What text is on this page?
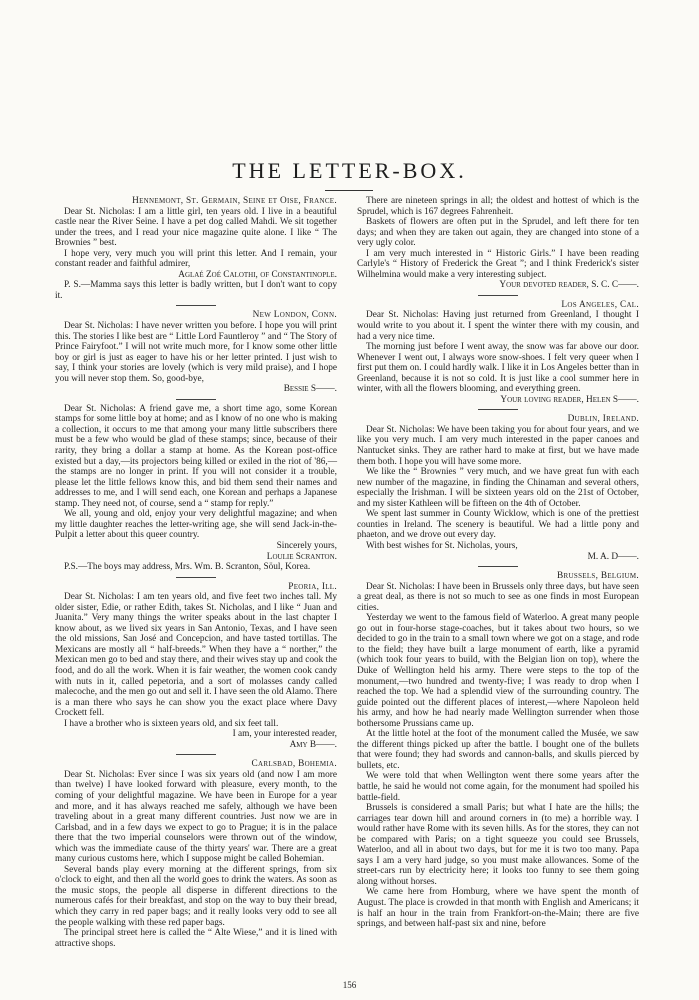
THE LETTER-BOX.
Hennemont, St. Germain, Seine et Oise, France.

Dear St. Nicholas: I am a little girl, ten years old. I live in a beautiful castle near the River Seine. I have a pet dog called Mahdi. We sit together under the trees, and I read your nice magazine quite alone. I like “ The Brownies ” best.

I hope very, very much you will print this letter. And I remain, your constant reader and faithful admirer,

Aglaé Zoé Calothi, of Constantinople.

P. S.—Mamma says this letter is badly written, but I don't want to copy it.

New London, Conn.

Dear St. Nicholas: I have never written you before. I hope you will print this. The stories I like best are “ Little Lord Fauntleroy ” and “ The Story of Prince Fairyfoot.” I will not write much more, for I know some other little boy or girl is just as eager to have his or her letter printed. I just wish to say, I think your stories are lovely (which is very mild praise), and I hope you will never stop them. So, good-bye,

Bessie S——.

Dear St. Nicholas: A friend gave me, a short time ago, some Korean stamps for some little boy at home; and as I know of no one who is making a collection, it occurs to me that among your many little subscribers there must be a few who would be glad of these stamps; since, because of their rarity, they bring a dollar a stamp at home. As the Korean post-office existed but a day,—its projectors being killed or exiled in the riot of '86,—the stamps are no longer in print. If you will not consider it a trouble, please let the little fellows know this, and bid them send their names and addresses to me, and I will send each, one Korean and perhaps a Japanese stamp. They need not, of course, send a “ stamp for reply.”

We all, young and old, enjoy your very delightful magazine; and when my little daughter reaches the letter-writing age, she will send Jack-in-the-Pulpit a letter about this queer country.

Sincerely yours,
Loulie Scranton.

P.S.—The boys may address, Mrs. Wm. B. Scranton, Söul, Korea.

Peoria, Ill.

Dear St. Nicholas: I am ten years old, and five feet two inches tall. My older sister, Edie, or rather Edith, takes St. Nicholas, and I like “ Juan and Juanita.” Very many things the writer speaks about in the last chapter I know about, as we lived six years in San Antonio, Texas, and I have seen the old missions, San José and Concepcion, and have tasted tortillas. The Mexicans are mostly all “ half-breeds.” When they have a “ norther,” the Mexican men go to bed and stay there, and their wives stay up and cook the food, and do all the work. When it is fair weather, the women cook candy with nuts in it, called pepetoria, and a sort of molasses candy called malecoche, and the men go out and sell it. I have seen the old Alamo. There is a man there who says he can show you the exact place where Davy Crockett fell.

I have a brother who is sixteen years old, and six feet tall.

I am, your interested reader,
Amy B——.
Carlsbad, Bohemia.

Dear St. Nicholas: Ever since I was six years old (and now I am more than twelve) I have looked forward with pleasure, every month, to the coming of your delightful magazine. We have been in Europe for a year and more, and it has always reached me safely, although we have been traveling about in a great many different countries. Just now we are in Carlsbad, and in a few days we expect to go to Prague; it is in the palace there that the two imperial counselors were thrown out of the window, which was the immediate cause of the thirty years' war. There are a great many curious customs here, which I suppose might be called Bohemian.

Several bands play every morning at the different springs, from six o'clock to eight, and then all the world goes to drink the waters. As soon as the music stops, the people all disperse in different directions to the numerous cafés for their breakfast, and stop on the way to buy their bread, which they carry in red paper bags; and it really looks very odd to see all the people walking with these red paper bags.

The principal street here is called the “ Alte Wiese,” and it is lined with attractive shops.

There are nineteen springs in all; the oldest and hottest of which is the Sprudel, which is 167 degrees Fahrenheit.

Baskets of flowers are often put in the Sprudel, and left there for ten days; and when they are taken out again, they are changed into stone of a very ugly color.

I am very much interested in “ Historic Girls.” I have been reading Carlyle's “ History of Frederick the Great ”; and I think Frederick's sister Wilhelmina would make a very interesting subject.

Your devoted reader, S. C. C——.
Los Angeles, Cal.

Dear St. Nicholas: Having just returned from Greenland, I thought I would write to you about it. I spent the winter there with my cousin, and had a very nice time.

The morning just before I went away, the snow was far above our door. Whenever I went out, I always wore snow-shoes. I felt very queer when I first put them on. I could hardly walk. I like it in Los Angeles better than in Greenland, because it is not so cold. It is just like a cool summer here in winter, with all the flowers blooming, and everything green.

Your loving reader, Helen S——.
Dublin, Ireland.

Dear St. Nicholas: We have been taking you for about four years, and we like you very much. I am very much interested in the paper canoes and Nantucket sinks. They are rather hard to make at first, but we have made them both. I hope you will have some more.

We like the “ Brownies ” very much, and we have great fun with each new number of the magazine, in finding the Chinaman and several others, especially the Irishman. I will be sixteen years old on the 21st of October, and my sister Kathleen will be fifteen on the 4th of October.

We spent last summer in County Wicklow, which is one of the prettiest counties in Ireland. The scenery is beautiful. We had a little pony and phaeton, and we drove out every day.

With best wishes for St. Nicholas, yours,

M. A. D——.
Brussels, Belgium.

Dear St. Nicholas: I have been in Brussels only three days, but have seen a great deal, as there is not so much to see as one finds in most European cities.

Yesterday we went to the famous field of Waterloo. A great many people go out in four-horse stage-coaches, but it takes about two hours, so we decided to go in the train to a small town where we got on a stage, and rode to the field; they have built a large monument of earth, like a pyramid (which took four years to build, with the Belgian lion on top), where the Duke of Wellington held his army. There were steps to the top of the monument,—two hundred and twenty-five; I was ready to drop when I reached the top. We had a splendid view of the surrounding country. The guide pointed out the different places of interest,—where Napoleon held his army, and how he had nearly made Wellington surrender when those bothersome Prussians came up.

At the little hotel at the foot of the monument called the Musée, we saw the different things picked up after the battle. I bought one of the bullets that were found; they had swords and cannon-balls, and skulls pierced by bullets, etc.

We were told that when Wellington went there some years after the battle, he said he would not come again, for the monument had spoiled his battle-field.

Brussels is considered a small Paris; but what I hate are the hills; the carriages tear down hill and around corners in (to me) a horrible way. I would rather have Rome with its seven hills. As for the stores, they can not be compared with Paris; on a tight squeeze you could see Brussels, Waterloo, and all in about two days, but for me it is two too many. Papa says I am a very hard judge, so you must make allowances. Some of the street-cars run by electricity here; it looks too funny to see them going along without horses.

We came here from Homburg, where we have spent the month of August. The place is crowded in that month with English and Americans; it is half an hour in the train from Frankfort-on-the-Main; there are five springs, and between half-past six and nine, before

156
